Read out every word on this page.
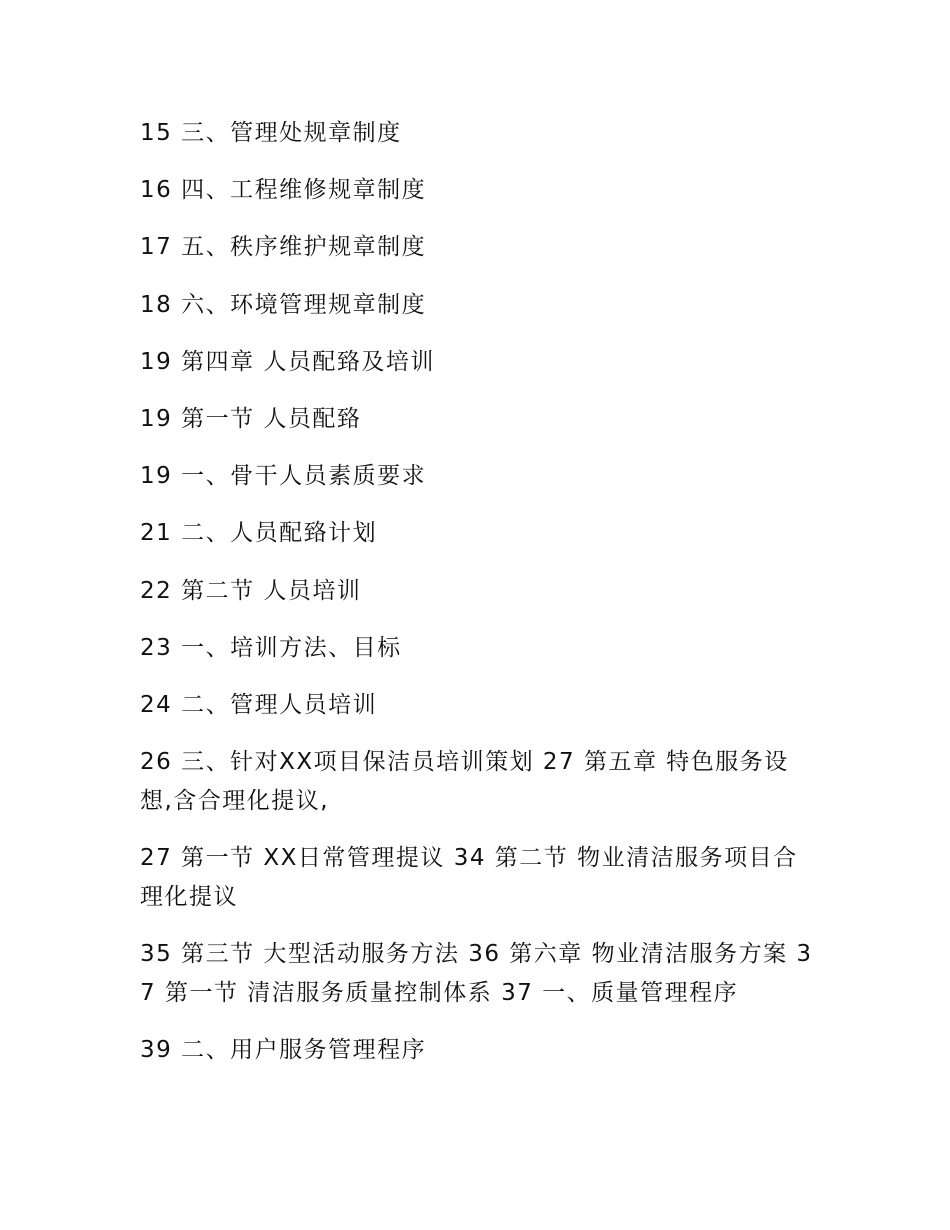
15 三、管理处规章制度
16 四、工程维修规章制度
17 五、秩序维护规章制度
18 六、环境管理规章制度
19 第四章 人员配臵及培训
19 第一节 人员配臵
19 一、骨干人员素质要求
21 二、人员配臵计划
22 第二节 人员培训
23 一、培训方法、目标
24 二、管理人员培训
26 三、针对XX项目保洁员培训策划 27 第五章 特色服务设想,含合理化提议,
27 第一节 XX日常管理提议 34 第二节 物业清洁服务项目合理化提议
35 第三节 大型活动服务方法 36 第六章 物业清洁服务方案 37 第一节 清洁服务质量控制体系 37 一、质量管理程序
39 二、用户服务管理程序
